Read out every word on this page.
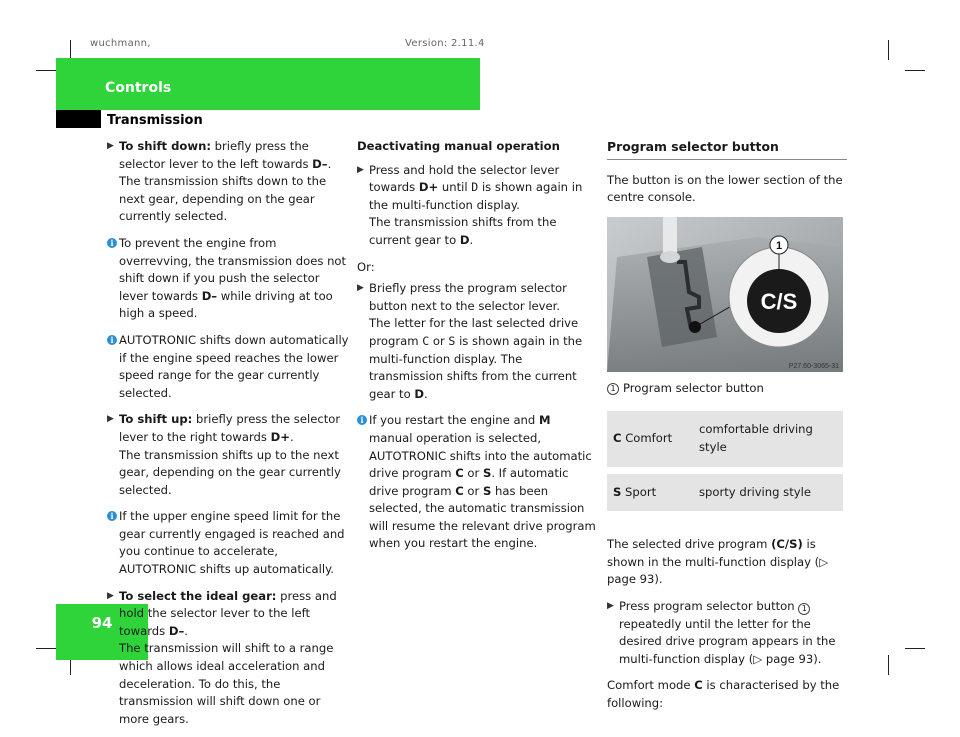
wuchmann,	Version: 2.11.4
Controls
Transmission
94
▶ To shift down: briefly press the selector lever to the left towards D–.
The transmission shifts down to the next gear, depending on the gear currently selected.
i To prevent the engine from overrevving, the transmission does not shift down if you push the selector lever towards D– while driving at too high a speed.
i AUTOTRONIC shifts down automatically if the engine speed reaches the lower speed range for the gear currently selected.
▶ To shift up: briefly press the selector lever to the right towards D+.
The transmission shifts up to the next gear, depending on the gear currently selected.
i If the upper engine speed limit for the gear currently engaged is reached and you continue to accelerate, AUTOTRONIC shifts up automatically.
▶ To select the ideal gear: press and hold the selector lever to the left towards D–.
The transmission will shift to a range which allows ideal acceleration and deceleration. To do this, the transmission will shift down one or more gears.
Deactivating manual operation
▶ Press and hold the selector lever towards D+ until D is shown again in the multi-function display.
The transmission shifts from the current gear to D.
Or:
▶ Briefly press the program selector button next to the selector lever.
The letter for the last selected drive program C or S is shown again in the multi-function display. The transmission shifts from the current gear to D.
i If you restart the engine and M manual operation is selected, AUTOTRONIC shifts into the automatic drive program C or S. If automatic drive program C or S has been selected, the automatic transmission will resume the relevant drive program when you restart the engine.
Program selector button
The button is on the lower section of the centre console.
C/S
1
P27.60-3065-31
1 Program selector button
C Comfort	comfortable driving style
S Sport	sporty driving style
The selected drive program (C/S) is shown in the multi-function display (▷ page 93).
▶ Press program selector button 1 repeatedly until the letter for the desired drive program appears in the multi-function display (▷ page 93).
Comfort mode C is characterised by the following:
